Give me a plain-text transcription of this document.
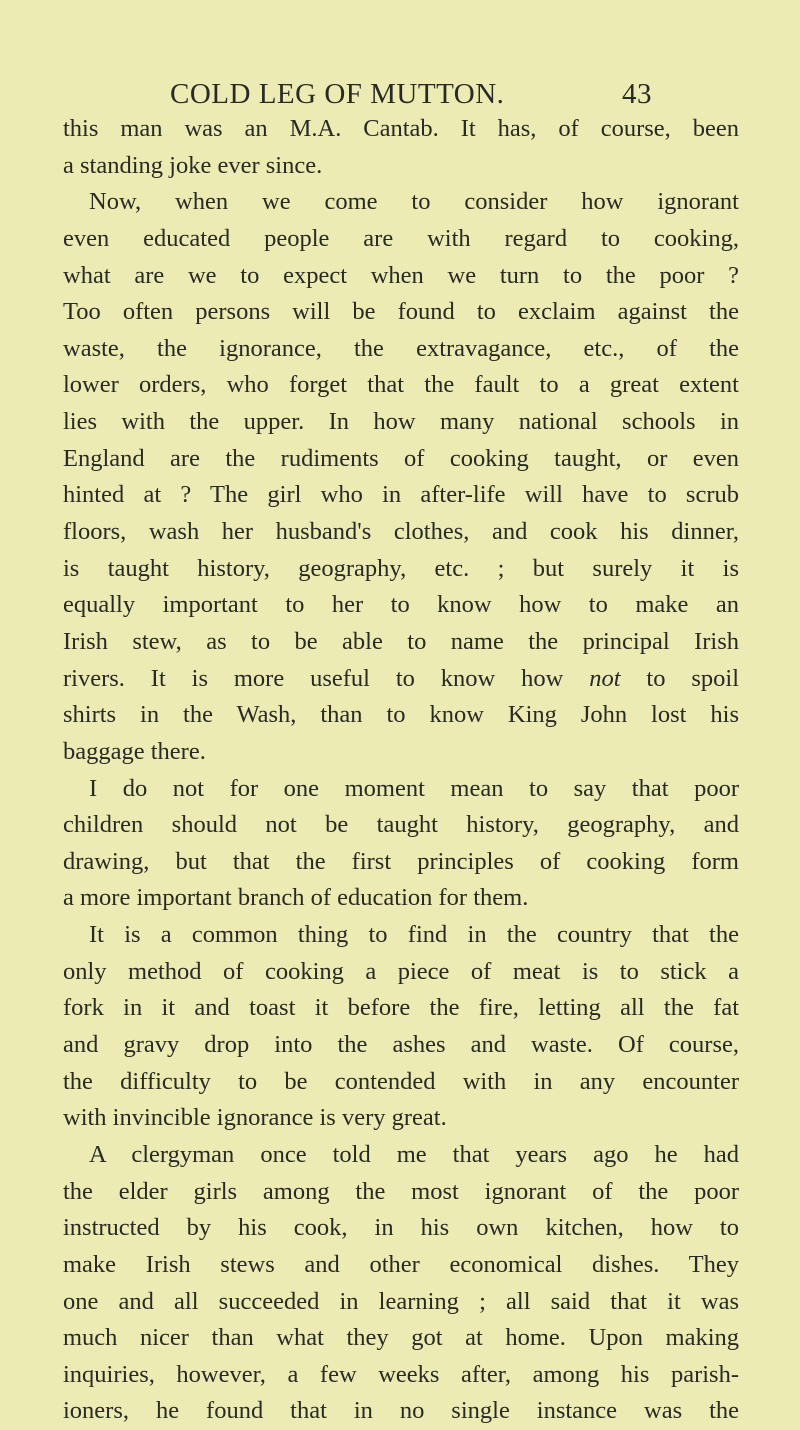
COLD LEG OF MUTTON.	43
this man was an M.A. Cantab. It has, of course, been
a standing joke ever since.
Now, when we come to consider how ignorant
even educated people are with regard to cooking,
what are we to expect when we turn to the poor ?
Too often persons will be found to exclaim against the
waste, the ignorance, the extravagance, etc., of the
lower orders, who forget that the fault to a great extent
lies with the upper. In how many national schools in
England are the rudiments of cooking taught, or even
hinted at ? The girl who in after-life will have to scrub
floors, wash her husband's clothes, and cook his dinner,
is taught history, geography, etc. ; but surely it is
equally important to her to know how to make an
Irish stew, as to be able to name the principal Irish
rivers. It is more useful to know how not to spoil
shirts in the Wash, than to know King John lost his
baggage there.
I do not for one moment mean to say that poor
children should not be taught history, geography, and
drawing, but that the first principles of cooking form
a more important branch of education for them.
It is a common thing to find in the country that the
only method of cooking a piece of meat is to stick a
fork in it and toast it before the fire, letting all the fat
and gravy drop into the ashes and waste. Of course,
the difficulty to be contended with in any encounter
with invincible ignorance is very great.
A clergyman once told me that years ago he had
the elder girls among the most ignorant of the poor
instructed by his cook, in his own kitchen, how to
make Irish stews and other economical dishes. They
one and all succeeded in learning ; all said that it was
much nicer than what they got at home. Upon making
inquiries, however, a few weeks after, among his parish-
ioners, he found that in no single instance was the
